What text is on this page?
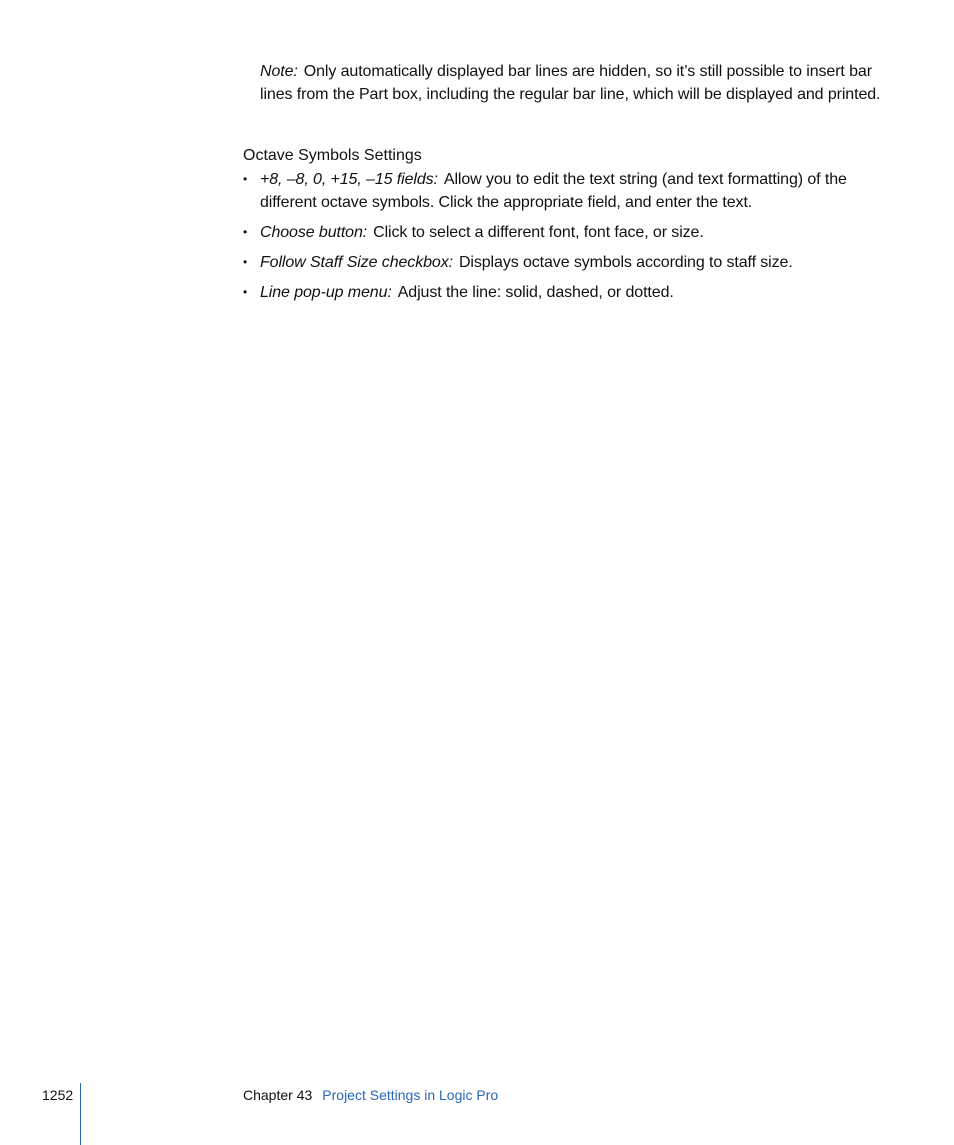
Note: Only automatically displayed bar lines are hidden, so it’s still possible to insert bar lines from the Part box, including the regular bar line, which will be displayed and printed.
Octave Symbols Settings
• +8, –8, 0, +15, –15 fields: Allow you to edit the text string (and text formatting) of the different octave symbols. Click the appropriate field, and enter the text.
• Choose button: Click to select a different font, font face, or size.
• Follow Staff Size checkbox: Displays octave symbols according to staff size.
• Line pop-up menu: Adjust the line: solid, dashed, or dotted.
1252	Chapter 43 Project Settings in Logic Pro
